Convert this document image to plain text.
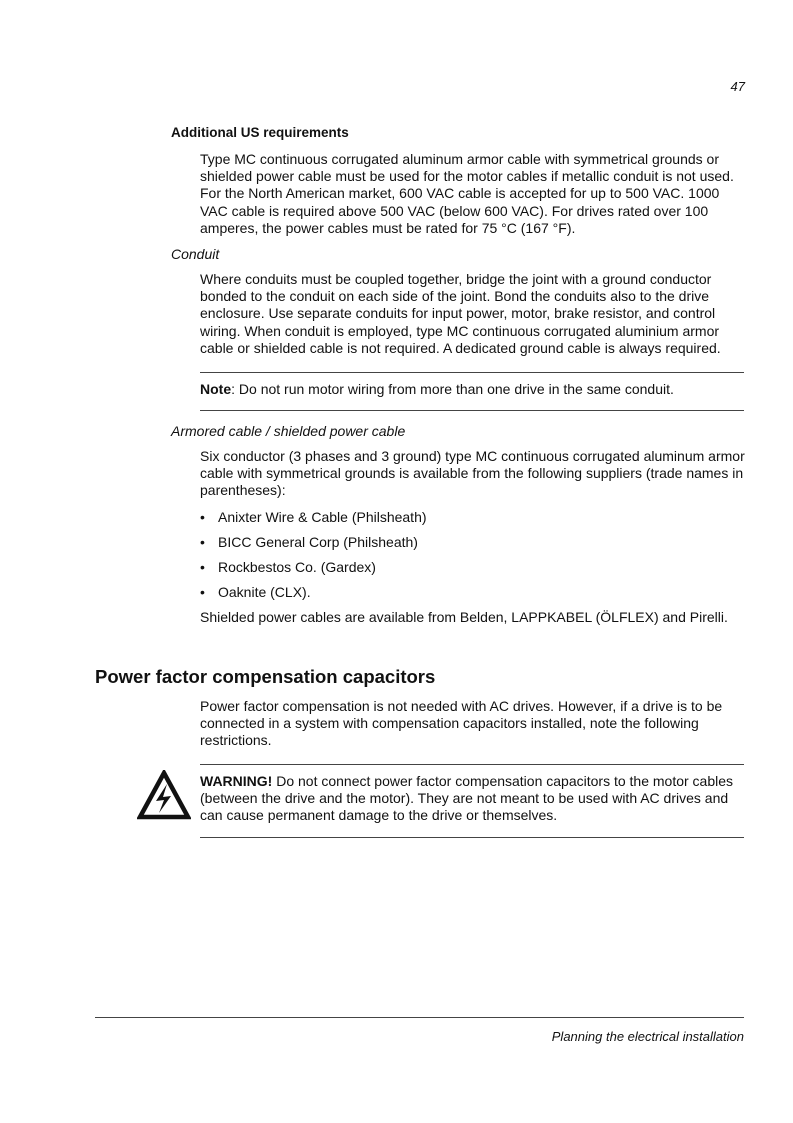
47
Additional US requirements
Type MC continuous corrugated aluminum armor cable with symmetrical grounds or shielded power cable must be used for the motor cables if metallic conduit is not used. For the North American market, 600 VAC cable is accepted for up to 500 VAC. 1000 VAC cable is required above 500 VAC (below 600 VAC). For drives rated over 100 amperes, the power cables must be rated for 75 °C (167 °F).
Conduit
Where conduits must be coupled together, bridge the joint with a ground conductor bonded to the conduit on each side of the joint. Bond the conduits also to the drive enclosure. Use separate conduits for input power, motor, brake resistor, and control wiring. When conduit is employed, type MC continuous corrugated aluminium armor cable or shielded cable is not required. A dedicated ground cable is always required.
Note: Do not run motor wiring from more than one drive in the same conduit.
Armored cable / shielded power cable
Six conductor (3 phases and 3 ground) type MC continuous corrugated aluminum armor cable with symmetrical grounds is available from the following suppliers (trade names in parentheses):
• Anixter Wire & Cable (Philsheath)
• BICC General Corp (Philsheath)
• Rockbestos Co. (Gardex)
• Oaknite (CLX).
Shielded power cables are available from Belden, LAPPKABEL (ÖLFLEX) and Pirelli.
Power factor compensation capacitors
Power factor compensation is not needed with AC drives. However, if a drive is to be connected in a system with compensation capacitors installed, note the following restrictions.
WARNING! Do not connect power factor compensation capacitors to the motor cables (between the drive and the motor). They are not meant to be used with AC drives and can cause permanent damage to the drive or themselves.
Planning the electrical installation
